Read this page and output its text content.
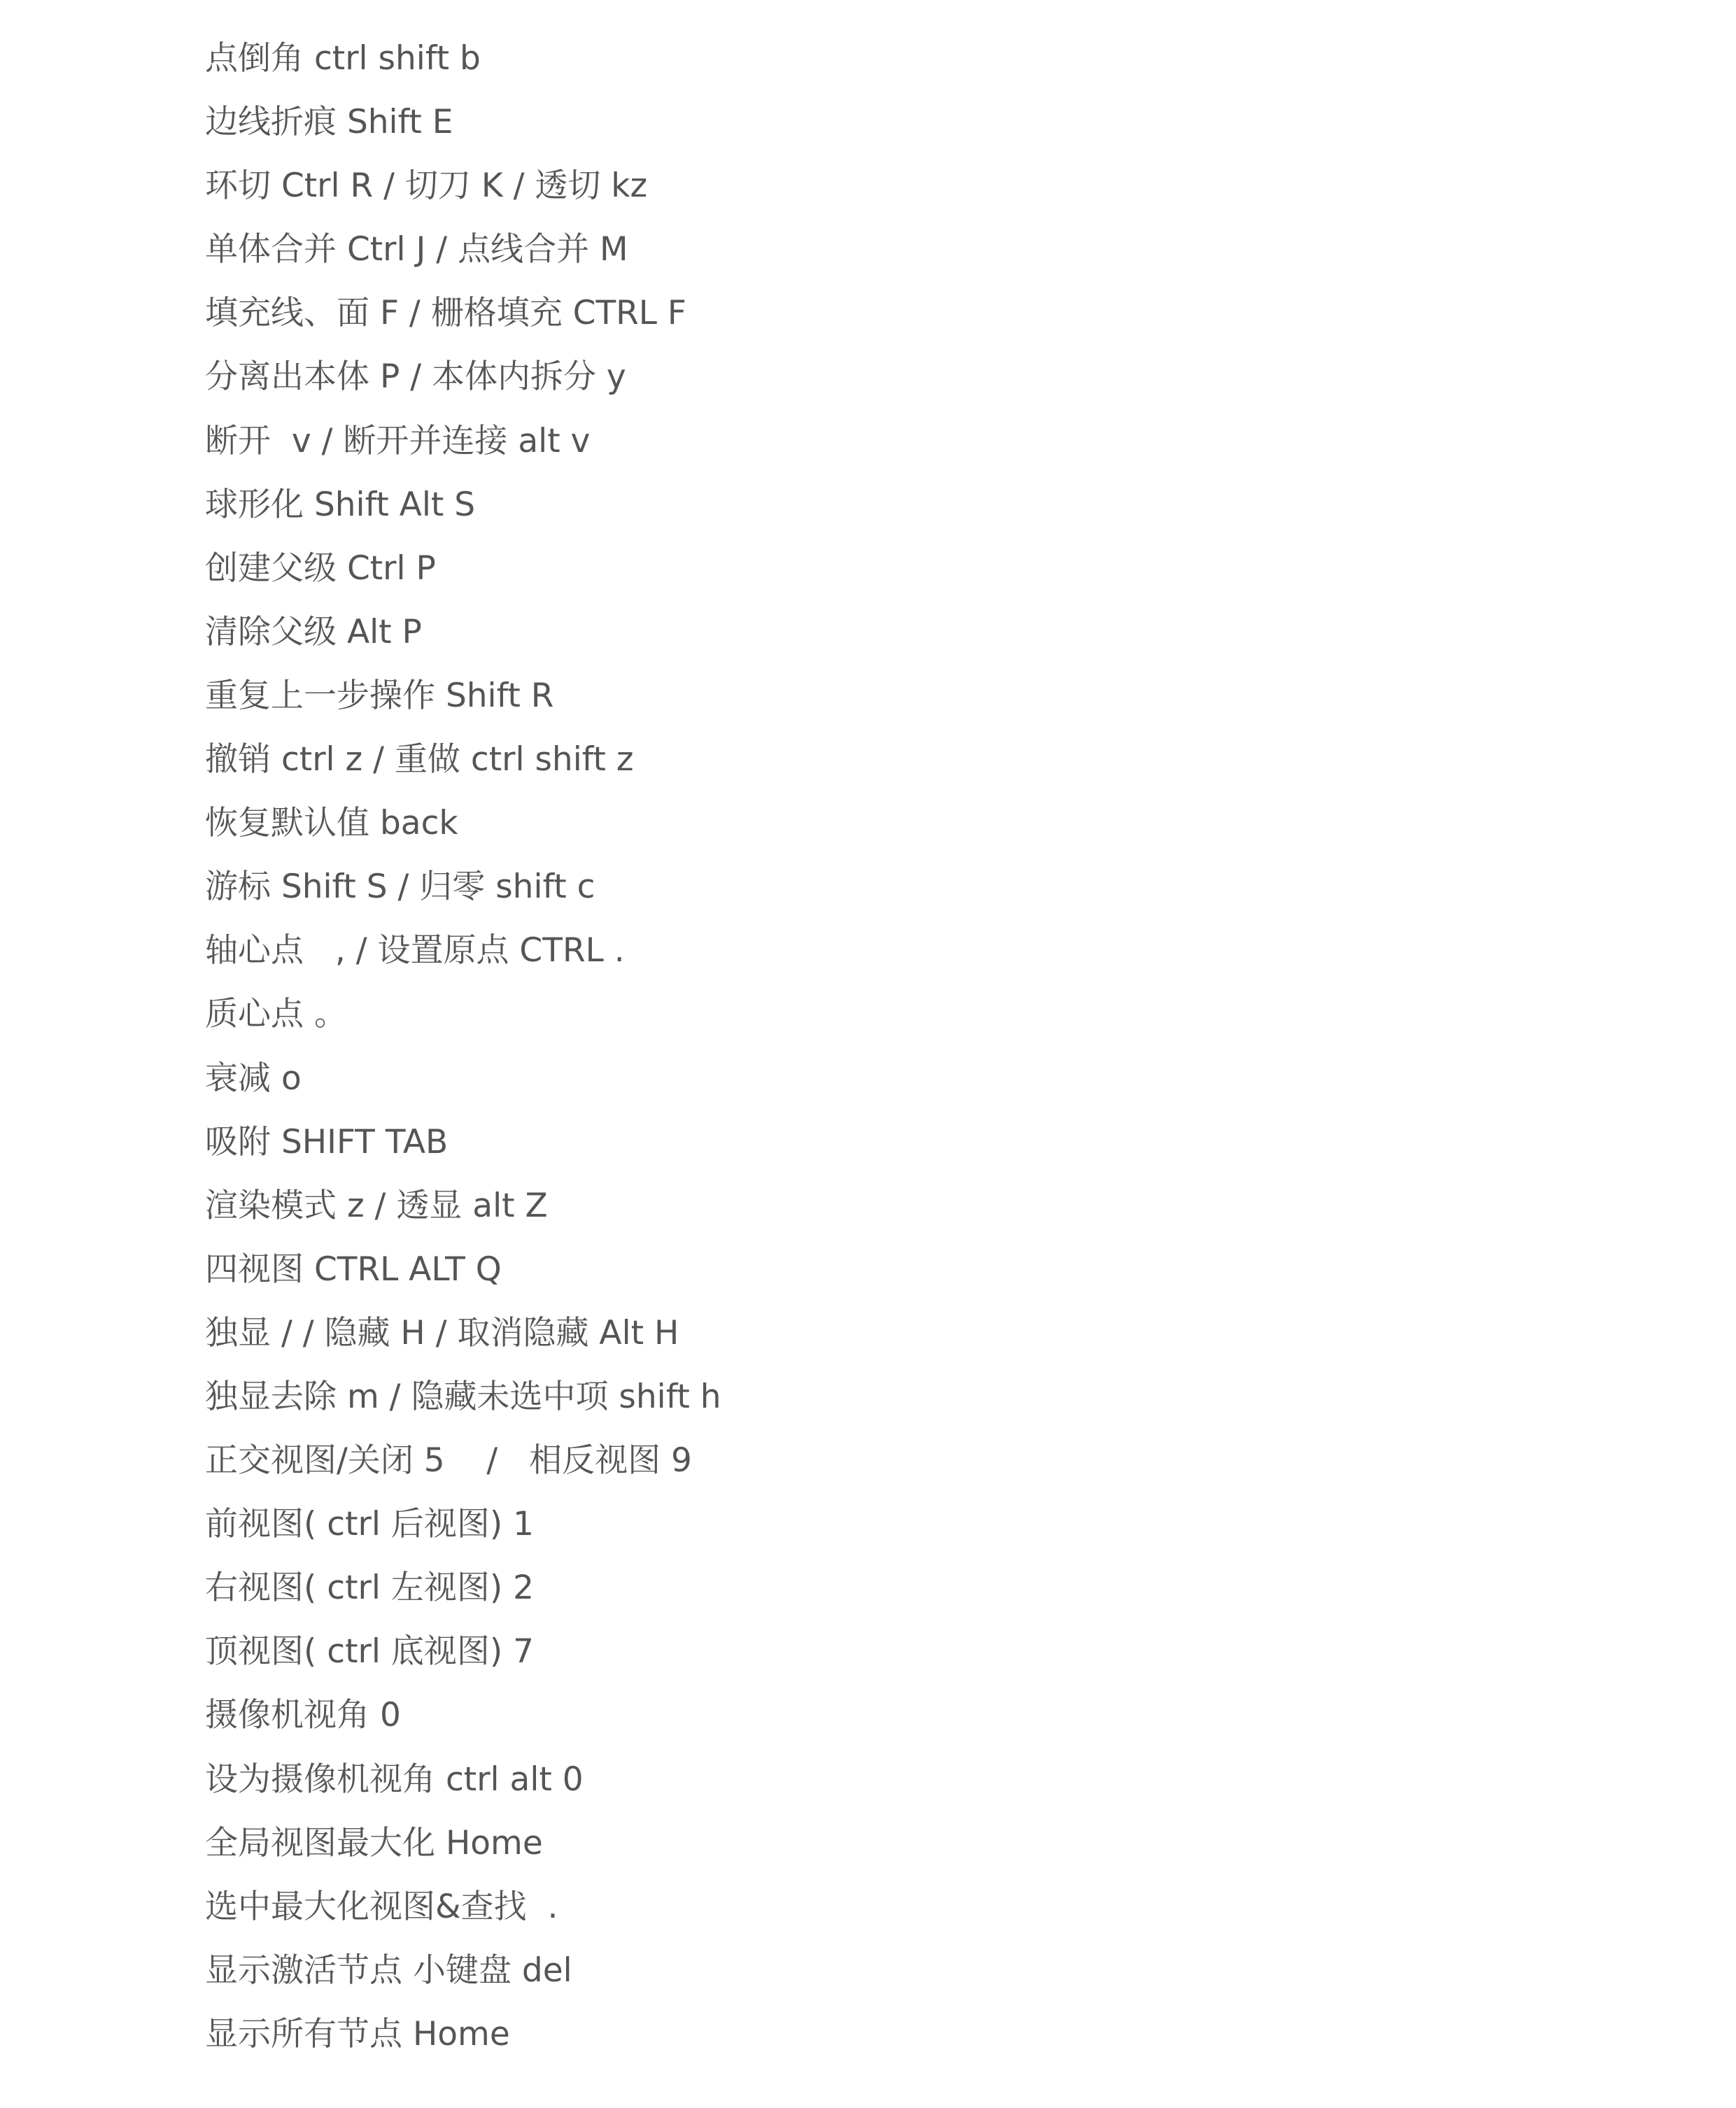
点倒角 ctrl shift b
边线折痕 Shift E
环切 Ctrl R / 切刀 K / 透切 kz
单体合并 Ctrl J / 点线合并 M
填充线、面 F / 栅格填充 CTRL F
分离出本体 P / 本体内拆分 y
断开  v / 断开并连接 alt v
球形化 Shift Alt S
创建父级 Ctrl P
清除父级 Alt P
重复上一步操作 Shift R
撤销 ctrl z / 重做 ctrl shift z
恢复默认值 back
游标 Shift S / 归零 shift c
轴心点   , / 设置原点 CTRL .
质心点 。
衰减 o
吸附 SHIFT TAB
渲染模式 z / 透显 alt Z
四视图 CTRL ALT Q
独显 / / 隐藏 H / 取消隐藏 Alt H
独显去除 m / 隐藏未选中项 shift h
正交视图/关闭 5    /   相反视图 9
前视图( ctrl 后视图) 1
右视图( ctrl 左视图) 2
顶视图( ctrl 底视图) 7
摄像机视角 0
设为摄像机视角 ctrl alt 0
全局视图最大化 Home
选中最大化视图&查找  .
显示激活节点 小键盘 del
显示所有节点 Home
